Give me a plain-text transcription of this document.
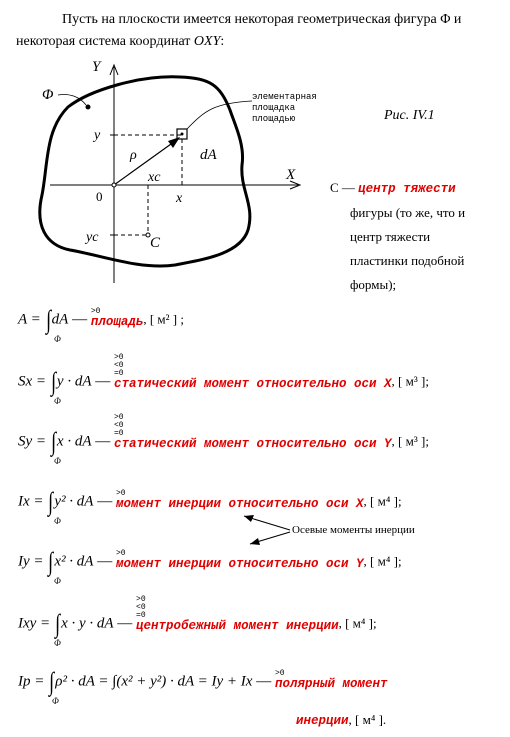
Пусть на плоскости имеется некоторая геометрическая фигура Φ и

некоторая система координат OXY:
Φ
Y
X
0
y
x
yc
xc
ρ
C
dA
элементарная
площадка
площадью	Рис. IV.1
C — центр тяжести
фигуры (то же, что и
центр тяжести
пластинки подобной
формы);
A = ∫dA — >0
площадь, [ м² ] ;
Φ
Sx = ∫y · dA —
>0
<0
=0
статический момент относительно оси X, [ м³ ];
Φ
Sy = ∫x · dA —
>0
<0
=0
статический момент относительно оси Y, [ м³ ];
Φ
Ix = ∫y² · dA — >0
момент инерции относительно оси X, [ м⁴ ];
Φ
Iy = ∫x² · dA — >0
момент инерции относительно оси Y, [ м⁴ ];
Φ
Ixy = ∫x · y · dA —
>0
<0
=0
центробежный момент инерции, [ м⁴ ];
Φ
Ip = ∫ρ² · dA = ∫(x² + y²) · dA = Iy + Ix — >0
полярный момент
Φ
инерции, [ м⁴ ].
Осевые моменты инерции
